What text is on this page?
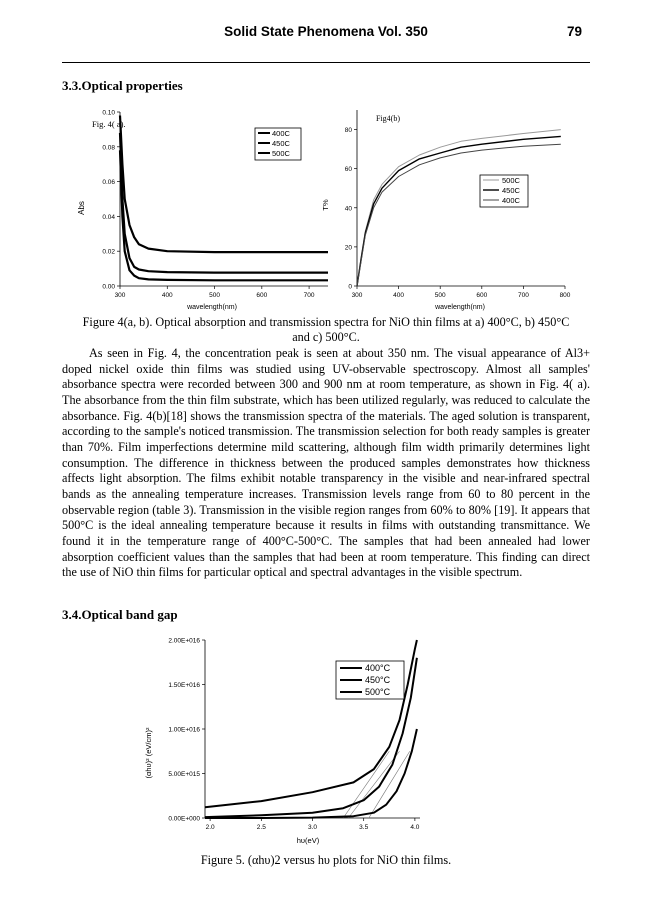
Solid State Phenomena Vol. 350	79
3.3.Optical properties
0.10
0.08
0.06
0.04
0.02
0.00
300	400	500	600	700
Fig. 4( a).
Abs
wavelength(nm)
400C
450C
500C
80
60
40
20
0
300	400	500	600	700	800
Fig4(b)
T%
wavelength(nm)
500C
450C
400C
Figure 4(a, b). Optical absorption and transmission spectra for NiO thin films at a) 400°C, b) 450°C
and c) 500°C.
As seen in Fig. 4, the concentration peak is seen at about 350 nm. The visual appearance of Al3+ doped nickel oxide thin films was studied using UV-observable spectroscopy. Almost all samples' absorbance spectra were recorded between 300 and 900 nm at room temperature, as shown in Fig. 4( a). The absorbance from the thin film substrate, which has been utilized regularly, was reduced to calculate the absorbance. Fig. 4(b)[18] shows the transmission spectra of the materials. The aged solution is transparent, according to the sample's noticed transmission. The transmission selection for both ready samples is greater than 70%. Film imperfections determine mild scattering, although film width primarily determines light consumption. The difference in thickness between the produced samples demonstrates how thickness affects light absorption. The films exhibit notable transparency in the visible and near-infrared spectral bands as the annealing temperature increases. Transmission levels range from 60 to 80 percent in the observable region (table 3). Transmission in the visible region ranges from 60% to 80% [19]. It appears that 500°C is the ideal annealing temperature because it results in films with outstanding transmittance. We found it in the temperature range of 400°C-500°C. The samples that had been annealed had lower absorption coefficient values than the samples that had been at room temperature. This finding can direct the use of NiO thin films for particular optical and spectral advantages in the visible spectrum.
3.4.Optical band gap
2.00E+016
1.50E+016
1.00E+016
5.00E+015
0.00E+000
2.0	2.5	3.0	3.5	4.0
(αhυ)² (eV/cm)²
hυ(eV)
400°C
450°C
500°C
Figure 5. (αhυ)2 versus hυ plots for NiO thin films.
